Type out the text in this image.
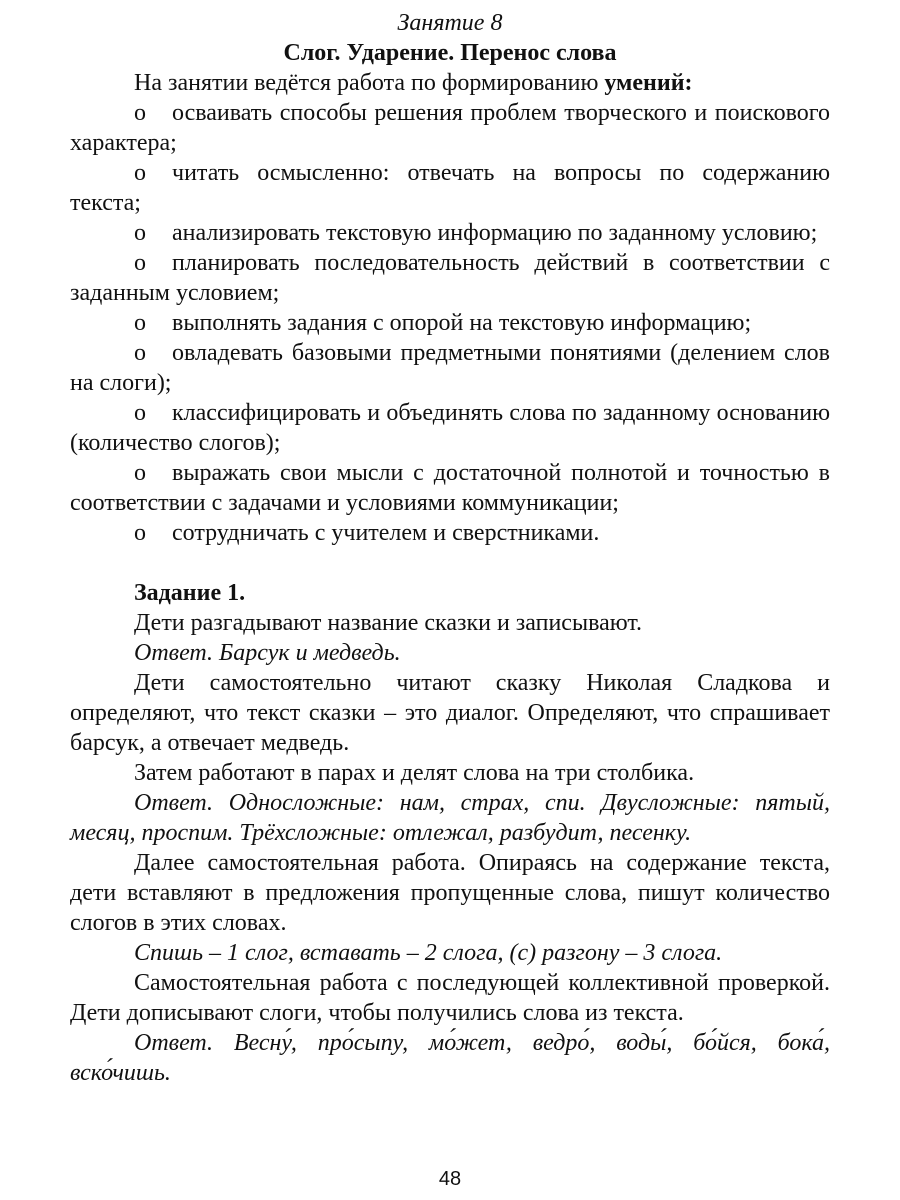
Занятие 8
Слог. Ударение. Перенос слова

На занятии ведётся работа по формированию умений:

o осваивать способы решения проблем творческого и поискового характера;

o читать осмысленно: отвечать на вопросы по содержанию текста;

o анализировать текстовую информацию по заданному условию;

o планировать последовательность действий в соответствии с заданным условием;

o выполнять задания с опорой на текстовую информацию;

o овладевать базовыми предметными понятиями (делением слов на слоги);

o классифицировать и объединять слова по заданному основанию (количество слогов);

o выражать свои мысли с достаточной полнотой и точностью в соответствии с задачами и условиями коммуникации;

o сотрудничать с учителем и сверстниками.

Задание 1.

Дети разгадывают название сказки и записывают.

Ответ. Барсук и медведь.

Дети самостоятельно читают сказку Николая Сладкова и определяют, что текст сказки – это диалог. Определяют, что спрашивает барсук, а отвечает медведь.

Затем работают в парах и делят слова на три столбика.

Ответ. Односложные: нам, страх, спи. Двусложные: пятый, месяц, проспим. Трёхсложные: отлежал, разбудит, песенку.

Далее самостоятельная работа. Опираясь на содержание текста, дети вставляют в предложения пропущенные слова, пишут количество слогов в этих словах.

Спишь – 1 слог, вставать – 2 слога, (с) разгону – 3 слога.

Самостоятельная работа с последующей коллективной проверкой. Дети дописывают слоги, чтобы получились слова из текста.

Ответ. Весну́, про́сыпу, мо́жет, ведро́, воды́, бо́йся, бока́, вско́чишь.

48
